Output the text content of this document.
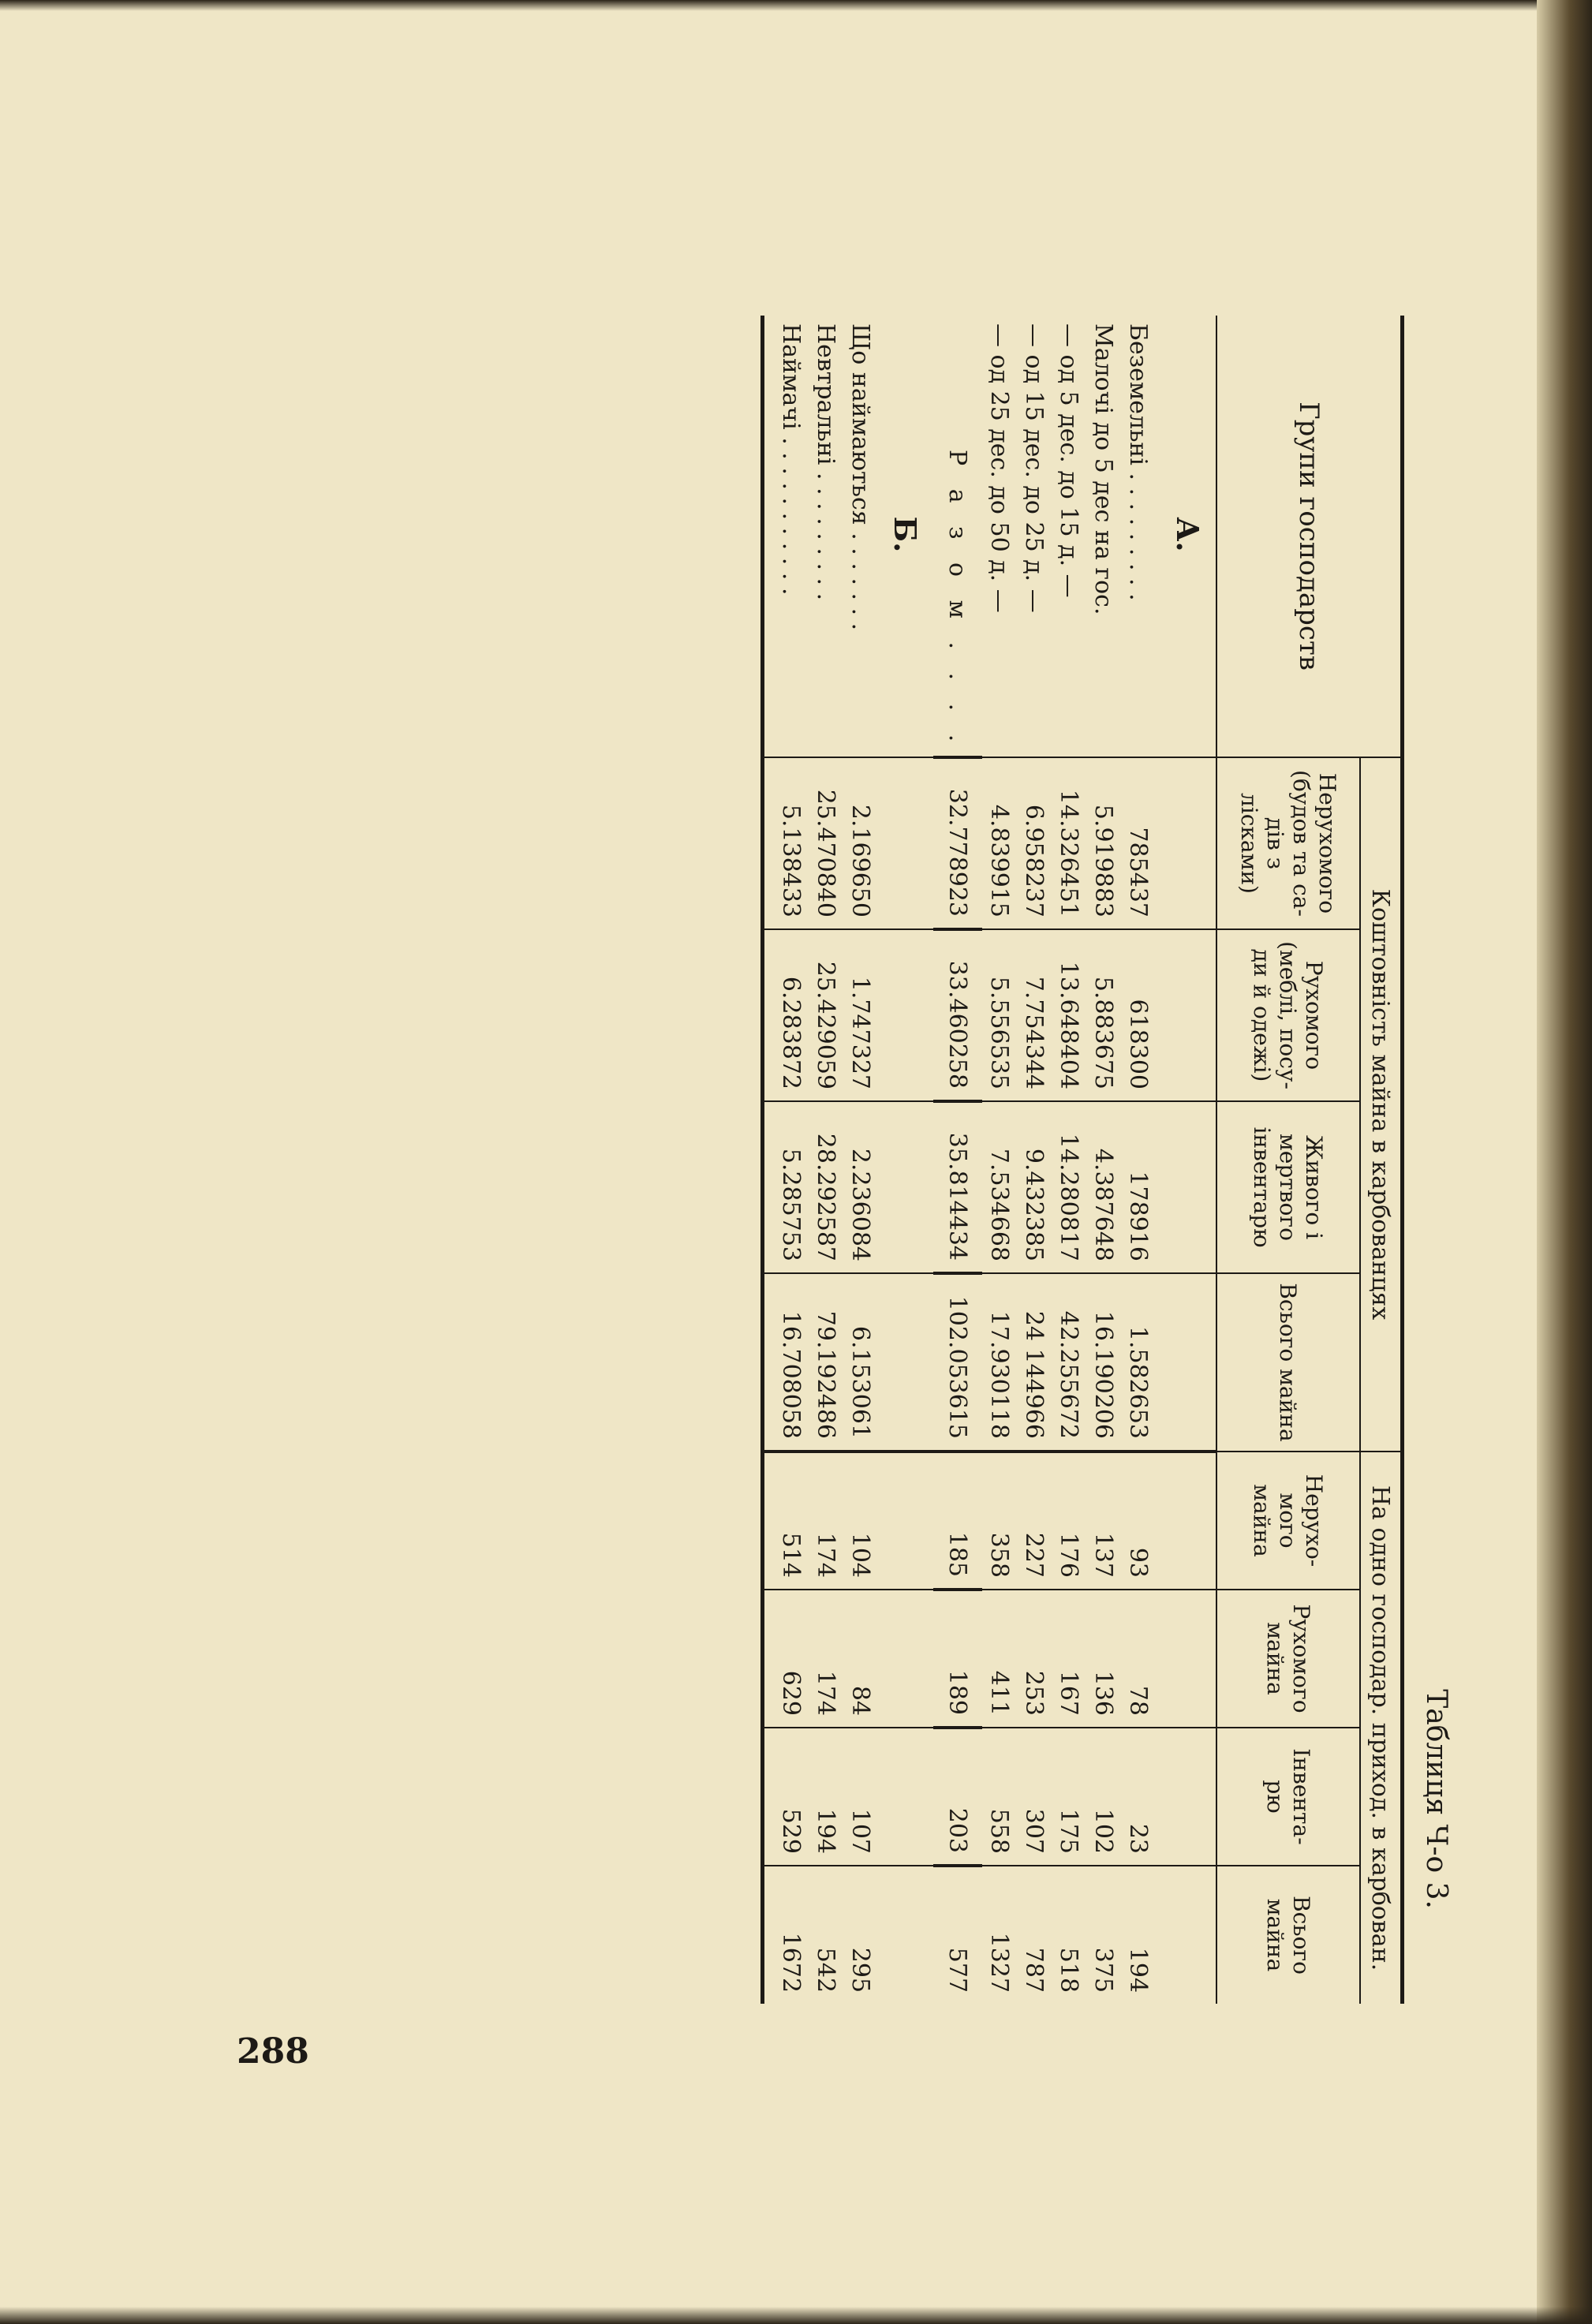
Таблиця Ч-о 3.
Групи господарств	Коштовність майна в карбованцях				На одно господар. приход. в карбован.			
	Нерухомого (будов та са-дів з лісками)	Рухомого (меблі, посу-ди й одежі)	Живого і мертвого інвентарю	Всього майна	Нерухо-мого майна	Рухомого майна	Інвента-рю	Всього майна
А.								
Беземельні . . . . . . . . .	785437	618300	178916	1.582653	93	78	23	194
Малочі до 5 дес на гос.	5.919883	5.883675	4.387648	16.190206	137	136	102	375
— од 5 дес. до 15 д. —	14.326451	13.648404	14.280817	42.255672	176	167	175	518
— од 15 дес. до 25 д. —	6.958237	7.754344	9.432385	24 144966	227	253	307	787
— од 25 дес. до 50 д. —	4.839915	5.556535	7.534668	17.930118	358	411	558	1327
Р а з о м . . . .	32.778923	33.460258	35.814434	102.053615	185	189	203	577
Б.								
Що наймаються . . . . . . .	2.169650	1.747327	2.236084	6.153061	104	84	107	295
Невтральні . . . . . . . . .	25.470840	25.429059	28.292587	79.192486	174	174	194	542
Наймачі . . . . . . . . . . .	5.138433	6.283872	5.285753	16.708058	514	629	529	1672

288
